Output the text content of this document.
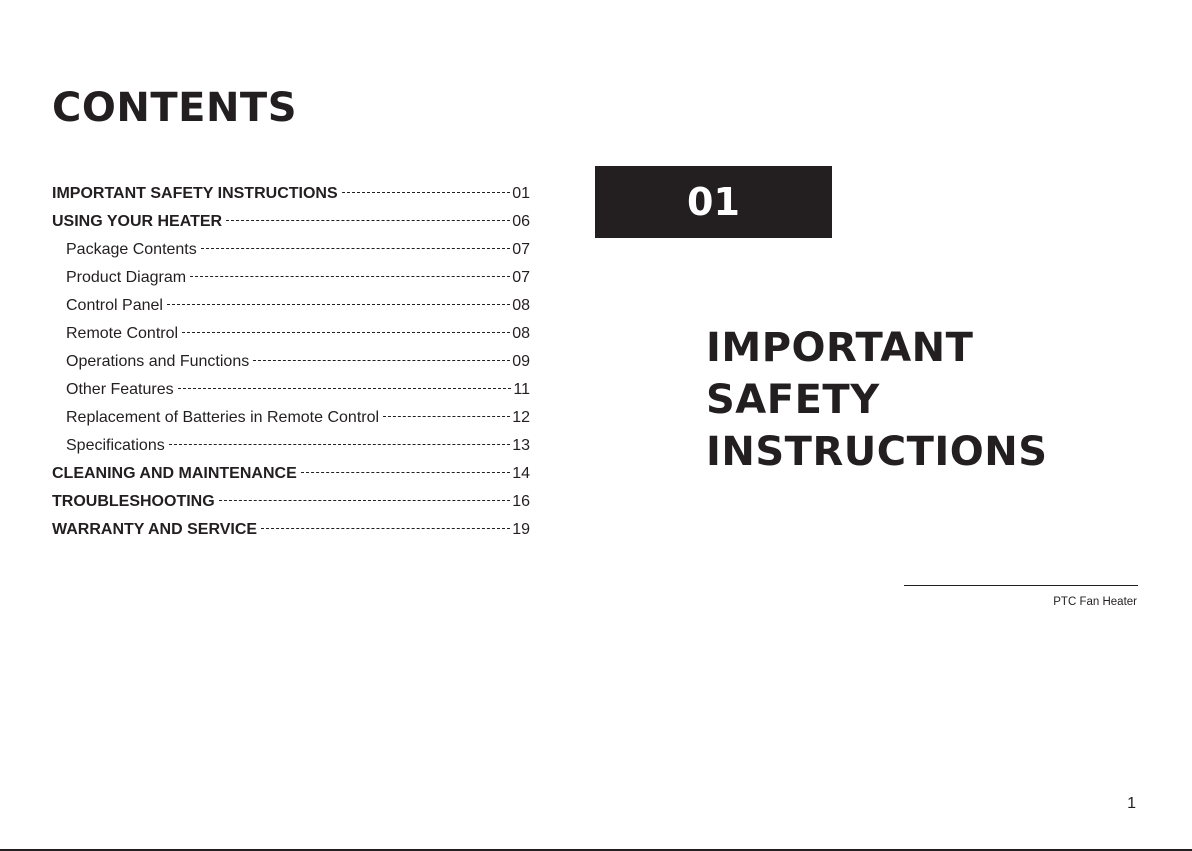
CONTENTS
IMPORTANT SAFETY INSTRUCTIONS	01
USING YOUR HEATER	06
Package Contents	07
Product Diagram	07
Control Panel	08
Remote Control	08
Operations and Functions	09
Other Features	11
Replacement of Batteries in Remote Control	12
Specifications	13
CLEANING AND MAINTENANCE	14
TROUBLESHOOTING	16
WARRANTY AND SERVICE	19
01
IMPORTANT
SAFETY
INSTRUCTIONS
PTC Fan Heater
1
